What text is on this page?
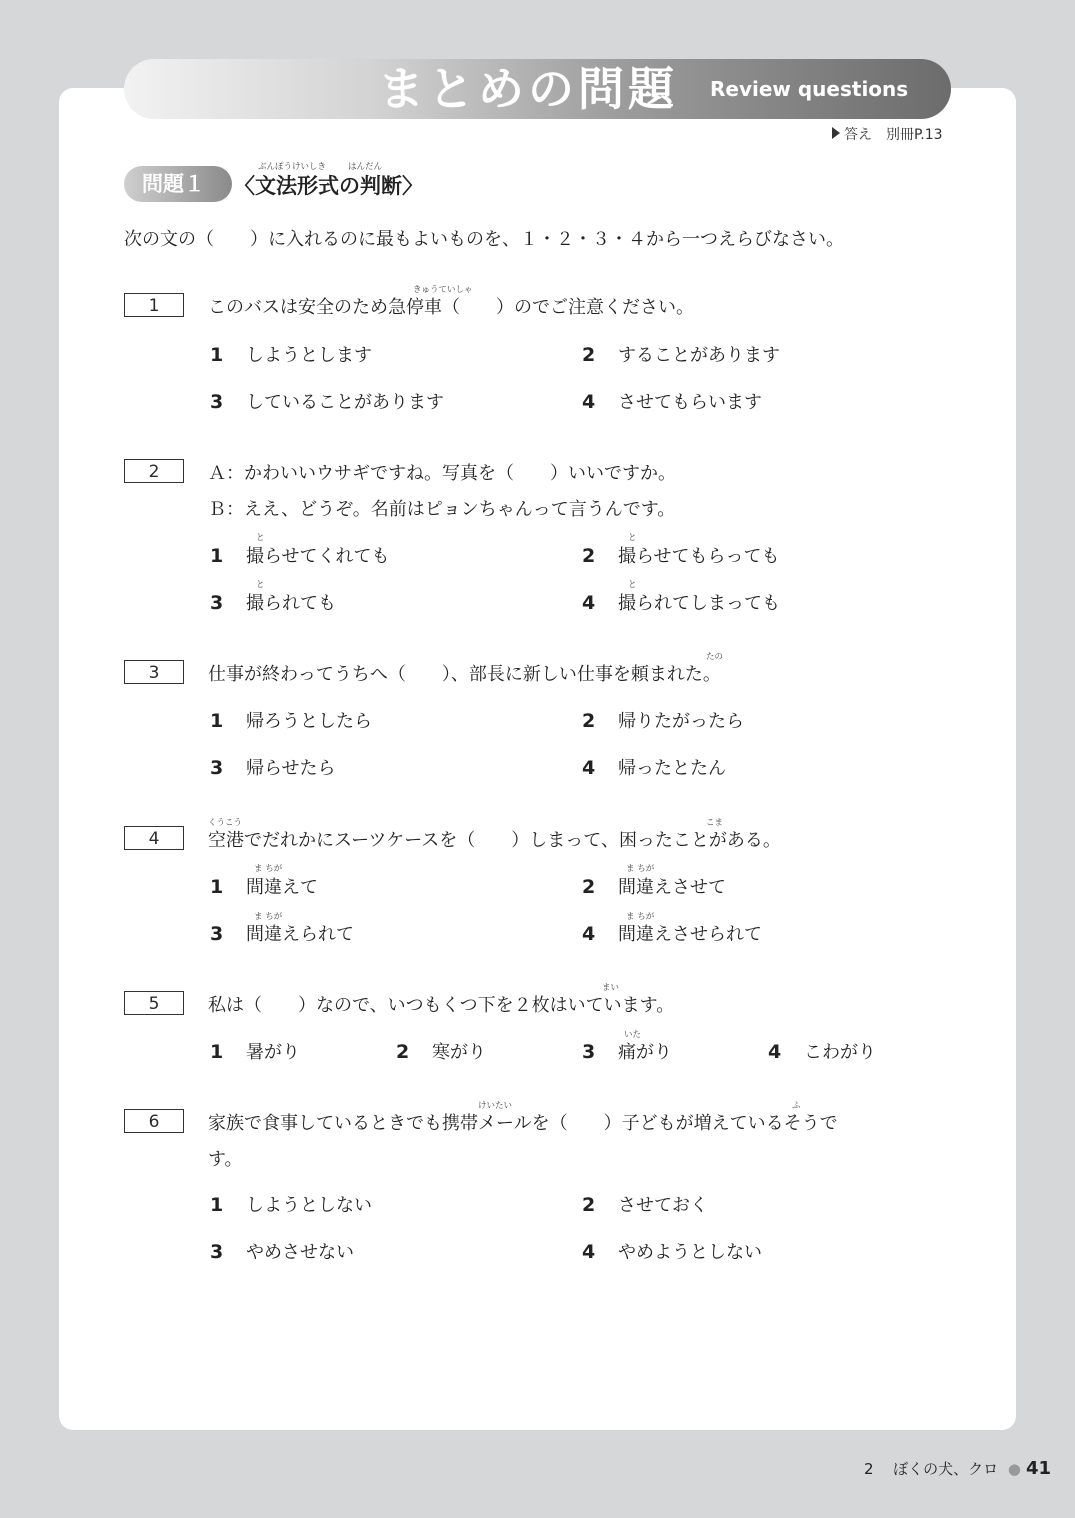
まとめの問題 Review questions
答え　別冊P.13
問題１
ぶんぽうけいしき	はんだん
〈文法形式の判断〉
次の文の（　　）に入れるのに最もよいものを、１・２・３・４から一つえらびなさい。
1
きゅうていしゃ
このバスは安全のため急停車（　　）のでご注意ください。
1 しようとします	2 することがあります
3 していることがあります	4 させてもらいます
2	Ａ：かわいいウサギですね。写真を（　　）いいですか。
Ｂ：ええ、どうぞ。名前はピョンちゃんって言うんです。
と	と
1 撮らせてくれても	2 撮らせてもらっても
と	と
3 撮られても	4 撮られてしまっても
3
たの
仕事が終わってうちへ（　　）、部長に新しい仕事を頼まれた。
1 帰ろうとしたら	2 帰りたがったら
3 帰らせたら	4 帰ったとたん
4
くうこう	こま
空港でだれかにスーツケースを（　　）しまって、困ったことがある。
ま ちが	ま ちが
1 間違えて	2 間違えさせて
ま ちが	ま ちが
3 間違えられて	4 間違えさせられて
5
まい
私は（　　）なので、いつもくつ下を２枚はいています。
1 暑がり	2 寒がり
いた
3 痛がり	4 こわがり
6
けいたい	ふ
家族で食事しているときでも携帯メールを（　　）子どもが増えているそうで
す。
1 しようとしない	2 させておく
3 やめさせない	4 やめようとしない
2 ぼくの犬、クロ ● 41
